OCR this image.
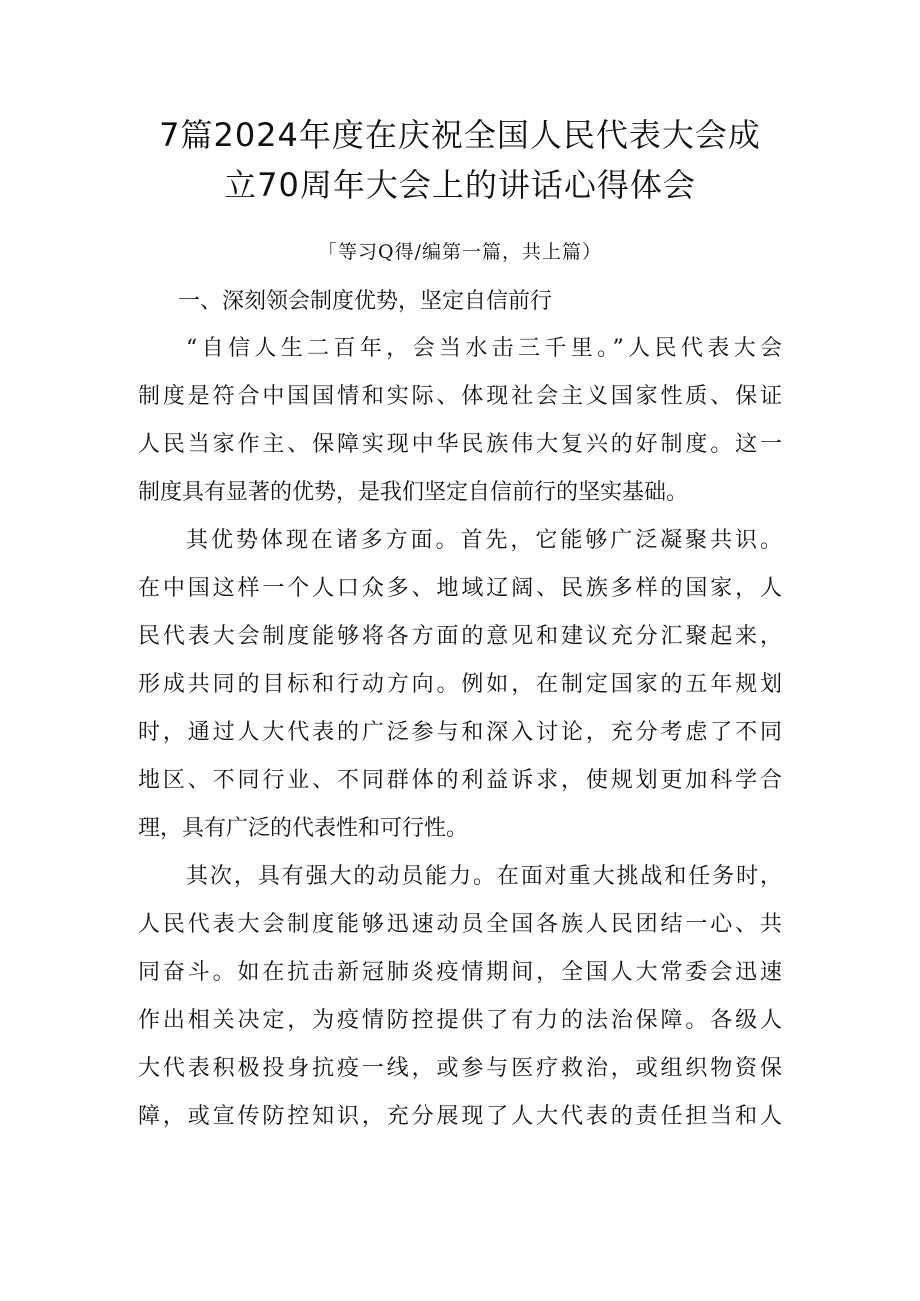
7篇2024年度在庆祝全国人民代表大会成
立70周年大会上的讲话心得体会
「等习Q得/编第一篇，共上篇）
一、深刻领会制度优势，坚定自信前行
“自信人生二百年，会当水击三千里。”人民代表大会
制度是符合中国国情和实际、体现社会主义国家性质、保证
人民当家作主、保障实现中华民族伟大复兴的好制度。这一
制度具有显著的优势，是我们坚定自信前行的坚实基础。
其优势体现在诸多方面。首先，它能够广泛凝聚共识。
在中国这样一个人口众多、地域辽阔、民族多样的国家，人
民代表大会制度能够将各方面的意见和建议充分汇聚起来，
形成共同的目标和行动方向。例如，在制定国家的五年规划
时，通过人大代表的广泛参与和深入讨论，充分考虑了不同
地区、不同行业、不同群体的利益诉求，使规划更加科学合
理，具有广泛的代表性和可行性。
其次，具有强大的动员能力。在面对重大挑战和任务时，
人民代表大会制度能够迅速动员全国各族人民团结一心、共
同奋斗。如在抗击新冠肺炎疫情期间，全国人大常委会迅速
作出相关决定，为疫情防控提供了有力的法治保障。各级人
大代表积极投身抗疫一线，或参与医疗救治，或组织物资保
障，或宣传防控知识，充分展现了人大代表的责任担当和人
